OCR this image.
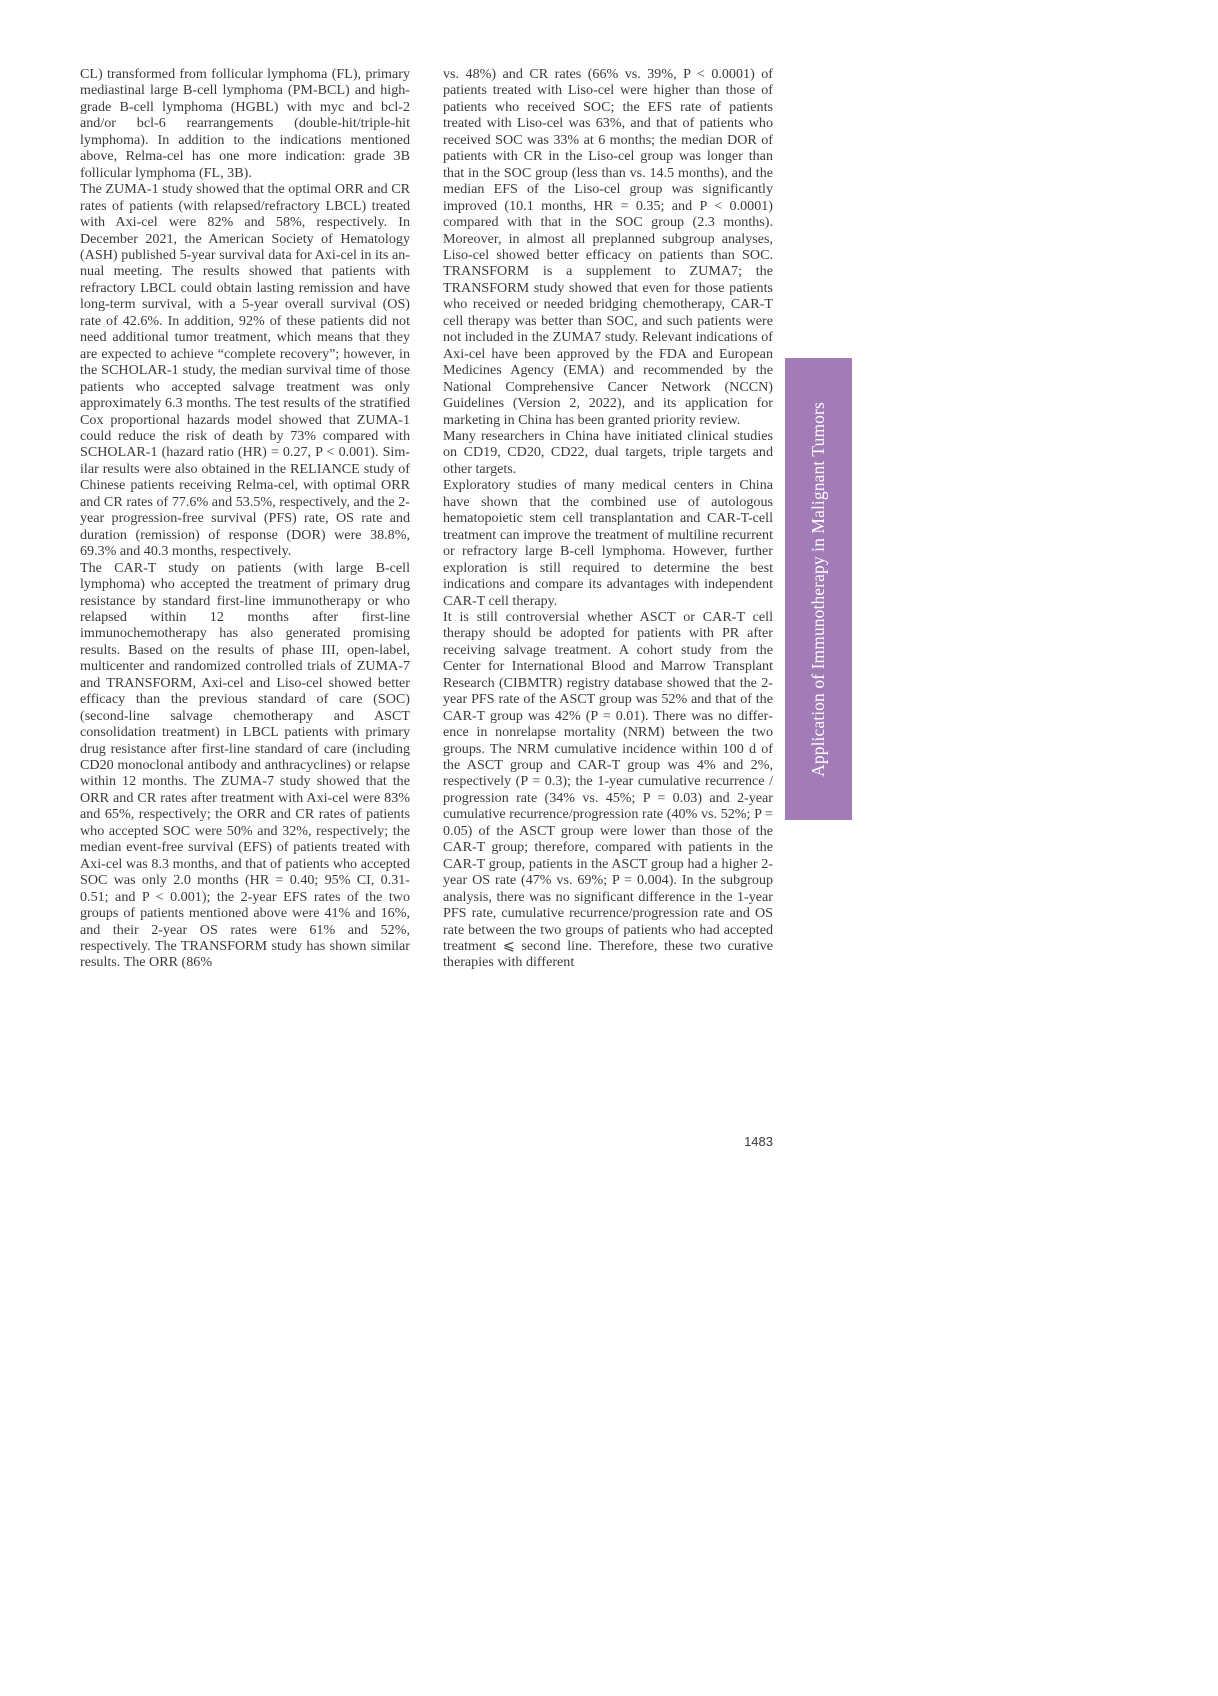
CL) transformed from follicular lymphoma (FL), primary mediastinal large B-cell lymphoma (PM-BCL) and high-grade B-cell lymphoma (HGBL) with myc and bcl-2 and/or bcl-6 rearrangements (double-hit/triple-hit lymphoma). In addition to the indications mentioned above, Relma-cel has one more indication: grade 3B follicular lymphoma (FL, 3B).

The ZUMA-1 study showed that the optimal ORR and CR rates of patients (with relapsed/refractory LBCL) treated with Axi-cel were 82% and 58%, respectively. In December 2021, the American Society of Hematology (ASH) published 5-year survival data for Axi-cel in its annual meeting. The results showed that patients with refractory LBCL could obtain lasting remission and have long-term survival, with a 5-year overall survival (OS) rate of 42.6%. In addition, 92% of these patients did not need additional tumor treatment, which means that they are expected to achieve “complete recovery”; however, in the SCHOLAR-1 study, the median survival time of those patients who accepted salvage treatment was only approximately 6.3 months. The test results of the stratified Cox proportional hazards model showed that ZUMA-1 could reduce the risk of death by 73% compared with SCHOLAR-1 (hazard ratio (HR) = 0.27, P < 0.001). Similar results were also obtained in the RELIANCE study of Chinese patients receiving Relma-cel, with optimal ORR and CR rates of 77.6% and 53.5%, respectively, and the 2-year progression-free survival (PFS) rate, OS rate and duration (remission) of response (DOR) were 38.8%, 69.3% and 40.3 months, respectively.

The CAR-T study on patients (with large B-cell lymphoma) who accepted the treatment of primary drug resistance by standard first-line immunotherapy or who relapsed within 12 months after first-line immunochemotherapy has also generated promising results. Based on the results of phase III, open-label, multicenter and randomized controlled trials of ZUMA-7 and TRANSFORM, Axi-cel and Liso-cel showed better efficacy than the previous standard of care (SOC) (second-line salvage chemotherapy and ASCT consolidation treatment) in LBCL patients with primary drug resistance after first-line standard of care (including CD20 monoclonal antibody and anthracyclines) or relapse within 12 months. The ZUMA-7 study showed that the ORR and CR rates after treatment with Axi-cel were 83% and 65%, respectively; the ORR and CR rates of patients who accepted SOC were 50% and 32%, respectively; the median event-free survival (EFS) of patients treated with Axi-cel was 8.3 months, and that of patients who accepted SOC was only 2.0 months (HR = 0.40; 95% CI, 0.31-0.51; and P < 0.001); the 2-year EFS rates of the two groups of patients mentioned above were 41% and 16%, and their 2-year OS rates were 61% and 52%, respectively. The TRANSFORM study has shown similar results. The ORR (86%

vs. 48%) and CR rates (66% vs. 39%, P < 0.0001) of patients treated with Liso-cel were higher than those of patients who received SOC; the EFS rate of patients treated with Liso-cel was 63%, and that of patients who received SOC was 33% at 6 months; the median DOR of patients with CR in the Liso-cel group was longer than that in the SOC group (less than vs. 14.5 months), and the median EFS of the Liso-cel group was significantly improved (10.1 months, HR = 0.35; and P < 0.0001) compared with that in the SOC group (2.3 months). Moreover, in almost all preplanned subgroup analyses, Liso-cel showed better efficacy on patients than SOC. TRANSFORM is a supplement to ZUMA7; the TRANSFORM study showed that even for those patients who received or needed bridging chemotherapy, CAR-T cell therapy was better than SOC, and such patients were not included in the ZUMA7 study. Relevant indications of Axi-cel have been approved by the FDA and European Medicines Agency (EMA) and recommended by the National Comprehensive Cancer Network (NCCN) Guidelines (Version 2, 2022), and its application for marketing in China has been granted priority review.

Many researchers in China have initiated clinical studies on CD19, CD20, CD22, dual targets, triple targets and other targets.

Exploratory studies of many medical centers in China have shown that the combined use of autologous hematopoietic stem cell transplantation and CAR-T-cell treatment can improve the treatment of multiline recurrent or refractory large B-cell lymphoma. However, further exploration is still required to determine the best indications and compare its advantages with independent CAR-T cell therapy.

It is still controversial whether ASCT or CAR-T cell therapy should be adopted for patients with PR after receiving salvage treatment. A cohort study from the Center for International Blood and Marrow Transplant Research (CIBMTR) registry database showed that the 2-year PFS rate of the ASCT group was 52% and that of the CAR-T group was 42% (P = 0.01). There was no difference in nonrelapse mortality (NRM) between the two groups. The NRM cumulative incidence within 100 d of the ASCT group and CAR-T group was 4% and 2%, respectively (P = 0.3); the 1-year cumulative recurrence / progression rate (34% vs. 45%; P = 0.03) and 2-year cumulative recurrence/progression rate (40% vs. 52%; P = 0.05) of the ASCT group were lower than those of the CAR-T group; therefore, compared with patients in the CAR-T group, patients in the ASCT group had a higher 2-year OS rate (47% vs. 69%; P = 0.004). In the subgroup analysis, there was no significant difference in the 1-year PFS rate, cumulative recurrence/progression rate and OS rate between the two groups of patients who had accepted treatment ⩽ second line. Therefore, these two curative therapies with different

Application of Immunotherapy in Malignant Tumors
1483
